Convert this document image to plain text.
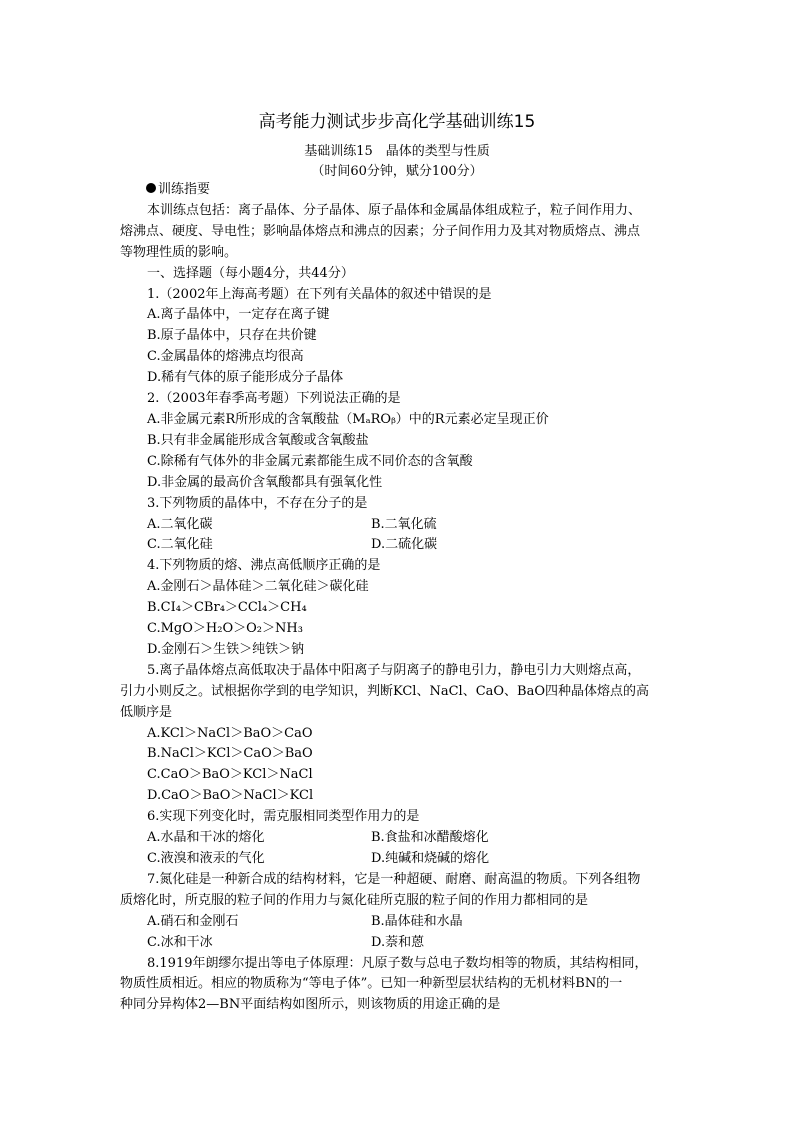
高考能力测试步步高化学基础训练15
基础训练15　晶体的类型与性质
（时间60分钟，赋分100分）

训练指要

本训练点包括：离子晶体、分子晶体、原子晶体和金属晶体组成粒子，粒子间作用力、

熔沸点、硬度、导电性；影响晶体熔点和沸点的因素；分子间作用力及其对物质熔点、沸点

等物理性质的影响。

一、选择题（每小题4分，共44分）

1.（2002年上海高考题）在下列有关晶体的叙述中错误的是

A.离子晶体中，一定存在离子键

B.原子晶体中，只存在共价键

C.金属晶体的熔沸点均很高

D.稀有气体的原子能形成分子晶体

2.（2003年春季高考题）下列说法正确的是

A.非金属元素R所形成的含氧酸盐（MₐROᵦ）中的R元素必定呈现正价

B.只有非金属能形成含氧酸或含氧酸盐

C.除稀有气体外的非金属元素都能生成不同价态的含氧酸

D.非金属的最高价含氧酸都具有强氧化性

3.下列物质的晶体中，不存在分子的是

A.二氧化碳	B.二氧化硫

C.二氧化硅	D.二硫化碳

4.下列物质的熔、沸点高低顺序正确的是

A.金刚石＞晶体硅＞二氧化硅＞碳化硅

B.CI₄＞CBr₄＞CCl₄＞CH₄

C.MgO＞H₂O＞O₂＞NH₃

D.金刚石＞生铁＞纯铁＞钠

5.离子晶体熔点高低取决于晶体中阳离子与阴离子的静电引力，静电引力大则熔点高，

引力小则反之。试根据你学到的电学知识，判断KCl、NaCl、CaO、BaO四种晶体熔点的高

低顺序是

A.KCl＞NaCl＞BaO＞CaO

B.NaCl＞KCl＞CaO＞BaO

C.CaO＞BaO＞KCl＞NaCl

D.CaO＞BaO＞NaCl＞KCl

6.实现下列变化时，需克服相同类型作用力的是

A.水晶和干冰的熔化	B.食盐和冰醋酸熔化

C.液溴和液汞的气化	D.纯碱和烧碱的熔化

7.氮化硅是一种新合成的结构材料，它是一种超硬、耐磨、耐高温的物质。下列各组物

质熔化时，所克服的粒子间的作用力与氮化硅所克服的粒子间的作用力都相同的是

A.硝石和金刚石	B.晶体硅和水晶

C.冰和干冰	D.萘和蒽

8.1919年朗缪尔提出等电子体原理：凡原子数与总电子数均相等的物质，其结构相同，

物质性质相近。相应的物质称为“等电子体”。已知一种新型层状结构的无机材料BN的一

种同分异构体2—BN平面结构如图所示，则该物质的用途正确的是
